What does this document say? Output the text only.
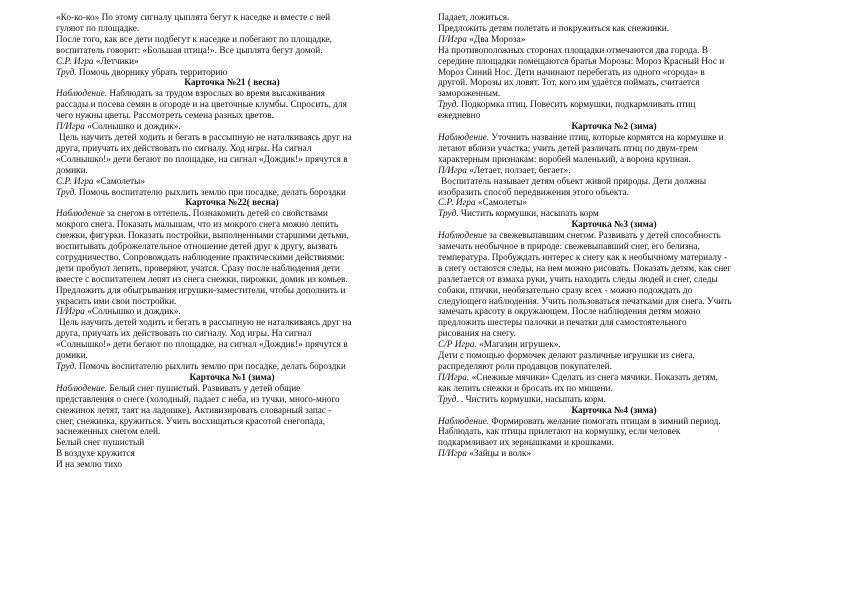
«Ко-ко-ко» По этому сигналу цыплята бегут к наседке и вместе с ней
гуляют по площадке.
После того, как все дети подбегут к наседке и побегают по площадке,
воспитатель говорит: «Большая птица!». Все цыплята бегут домой.
С.Р. Игра «Летчики»
Труд. Помочь дворнику убрать территорию
Карточка №21 ( весна)
Наблюдение. Наблюдать за трудом взрослых во время высаживания
рассады и посева семян в огороде и на цветочные клумбы. Спросить, для
чего нужны цветы. Рассмотреть семена разных цветов.
П/Игра «Солнышко и дождик».
Цель научить детей ходить и бегать в рассыпную не наталкиваясь друг на
друга, приучать их действовать по сигналу. Ход игры. На сигнал
«Солнышко!» дети бегают по площадке, на сигнал «Дождик!» прячутся в
домики.
С.Р. Игра «Самолеты»
Труд. Помочь воспитателю рыхлить землю при посадке, делать бороздки
Карточка №22( весна)
Наблюдение за снегом в оттепель. Познакомить детей со свойствами
мокрого снега. Показать малышам, что из мокрого снега можно лепить
снежки, фигурки. Показать постройки, выполненными старшими детьми,
воспитывать доброжелательное отношение детей друг к другу, вызвать
сотрудничество. Сопровождать наблюдение практическими действиями:
дети пробуют лепить, проверяют, учатся. Сразу после наблюдения дети
вместе с воспитателем лепят из снега снежки, пирожки, домик из комьев.
Предложить для обыгрывания игрушки-заместители, чтобы дополнить и
украсить ими свои постройки.
П/Игра «Солнышко и дождик».
Цель научить детей ходить и бегать в рассыпную не наталкиваясь друг на
друга, приучать их действовать по сигналу. Ход игры. На сигнал
«Солнышко!» дети бегают по площадке, на сигнал «Дождик!» прячутся в
домики.
Труд. Помочь воспитателю рыхлить землю при посадке, делать бороздки
Карточка №1 (зима)
Наблюдение. Белый снег пушистый. Развивать у детей общие
представления о снеге (холодный, падает с неба, из тучки, много-много
снежинок летят, таят на ладошке). Активизировать словарный запас -
снег, снежинка, кружиться. Учить восхищаться красотой снегопада,
заснеженных снегом елей.
Белый снег пушистый
В воздухе кружится
И на землю тихо
Падает, ложиться.
Предложить детям полетать и покружиться как снежинки.
П/Игра «Два Мороза»
На противоположных сторонах площадки отмечаются два города. В
середине площадки помещаются братья Морозы: Мороз Красный Нос и
Мороз Синий Нос. Дети начинают перебегать из одного «города» в
другой. Морозы их ловят. Тот, кого им удаётся поймать, считается
замороженным.
Труд. Подкормка птиц. Повесить кормушки, подкармливать птиц
ежедневно
Карточка №2 (зима)
Наблюдение. Уточнить название птиц, которые кормятся на кормушке и
летают вблизи участка; учить детей различать птиц по двум-трем
характерным признакам: воробей маленький, а ворона крупная.
П/Игра «Летает, ползает, бегает».
Воспитатель называет детям объект живой природы. Дети должны
изобразить способ передвижения этого объекта.
С.Р. Игра «Самолеты»
Труд. Чистить кормушки, насыпать корм
Карточка №3 (зима)
Наблюдение за свежевыпавшим снегом. Развивать у детей способность
замечать необычное в природе: свежевыпавший снег, его белизна,
температура. Пробуждать интерес к снегу как к необычному материалу -
в снегу остаются следы, на нем можно рисовать. Показать детям, как снег
разлетается от взмаха руки, учить находить следы людей и снег, следы
собаки, птички, необязательно сразу всех - можно подождать до
следующего наблюдения. Учить пользоваться печатками для снега. Учить
замечать красоту в окружающем. После наблюдения детям можно
предложить шестеры палочки и печатки для самостоятельного
рисования на снегу.
С/Р Игра. «Магазин игрушек».
Дети с помощью формочек делают различные игрушки из снега,
распределяют роли продавцов покупателей.
П/Игра. «Снежные мячики» Сделать из снега мячики. Показать детям,
как лепить снежки и бросать их по мишени.
Труд. . Чистить кормушки, насыпать корм.
Карточка №4 (зима)
Наблюдение. Формировать желание помогать птицам в зимний период.
Наблюдать, как птицы прилетают на кормушку, если человек
подкармливает их зернышками и крошками.
П/Игра «Зайцы и волк»
